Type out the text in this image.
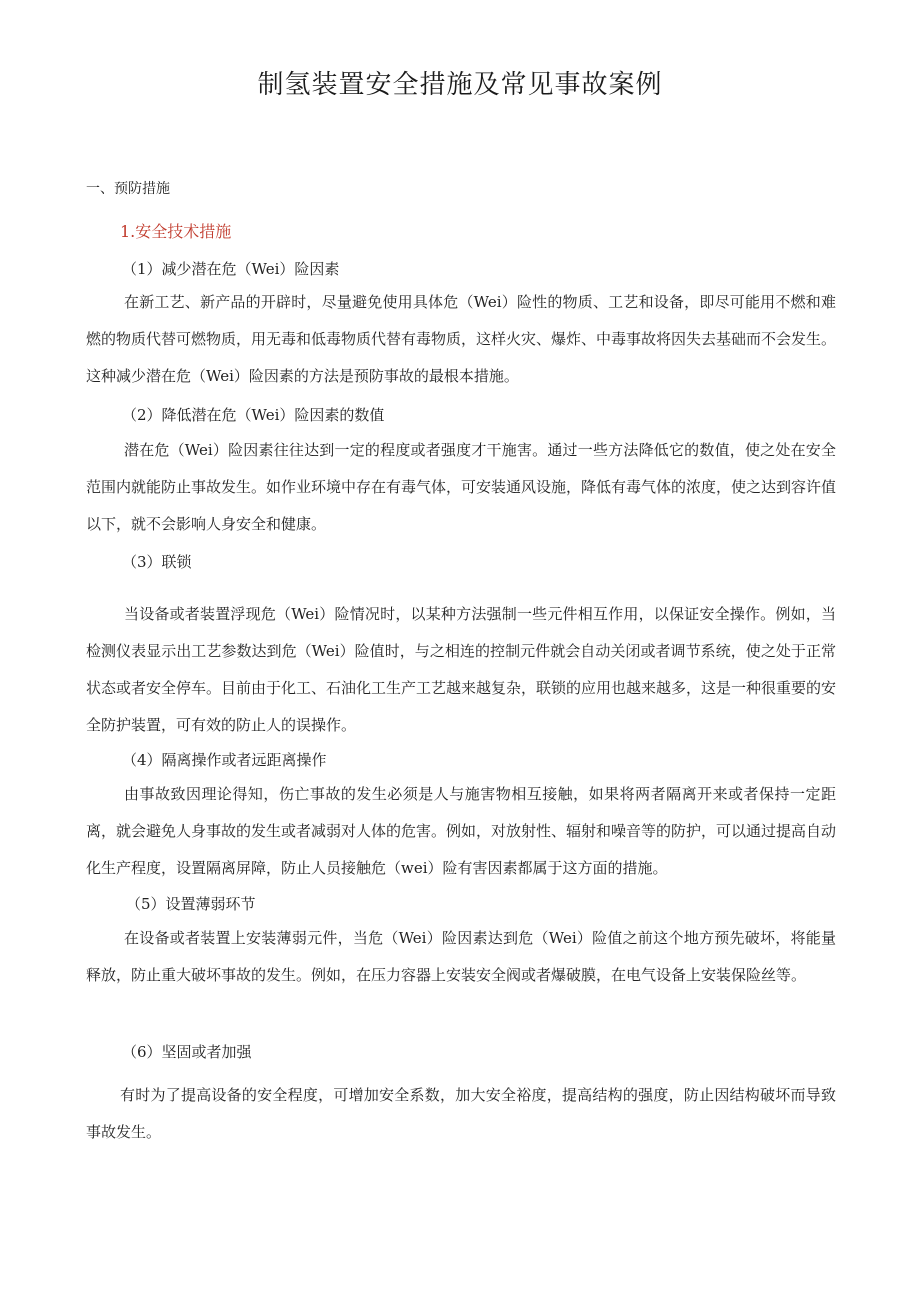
制氢装置安全措施及常见事故案例
一、预防措施
1.安全技术措施
（1）减少潜在危（Wei）险因素

在新工艺、新产品的开辟时，尽量避免使用具体危（Wei）险性的物质、工艺和设备，即尽可能用不燃和难燃的物质代替可燃物质，用无毒和低毒物质代替有毒物质，这样火灾、爆炸、中毒事故将因失去基础而不会发生。这种减少潜在危（Wei）险因素的方法是预防事故的最根本措施。

（2）降低潜在危（Wei）险因素的数值

潜在危（Wei）险因素往往达到一定的程度或者强度才干施害。通过一些方法降低它的数值，使之处在安全范围内就能防止事故发生。如作业环境中存在有毒气体，可安装通风设施，降低有毒气体的浓度，使之达到容许值以下，就不会影响人身安全和健康。

（3）联锁

当设备或者装置浮现危（Wei）险情况时，以某种方法强制一些元件相互作用，以保证安全操作。例如，当检测仪表显示出工艺参数达到危（Wei）险值时，与之相连的控制元件就会自动关闭或者调节系统，使之处于正常状态或者安全停车。目前由于化工、石油化工生产工艺越来越复杂，联锁的应用也越来越多，这是一种很重要的安全防护装置，可有效的防止人的误操作。

（4）隔离操作或者远距离操作

由事故致因理论得知，伤亡事故的发生必须是人与施害物相互接触，如果将两者隔离开来或者保持一定距离，就会避免人身事故的发生或者减弱对人体的危害。例如，对放射性、辐射和噪音等的防护，可以通过提高自动化生产程度，设置隔离屏障，防止人员接触危（wei）险有害因素都属于这方面的措施。

（5）设置薄弱环节

在设备或者装置上安装薄弱元件，当危（Wei）险因素达到危（Wei）险值之前这个地方预先破坏，将能量释放，防止重大破坏事故的发生。例如，在压力容器上安装安全阀或者爆破膜，在电气设备上安装保险丝等。

（6）坚固或者加强

有时为了提高设备的安全程度，可增加安全系数，加大安全裕度，提高结构的强度，防止因结构破坏而导致事故发生。
